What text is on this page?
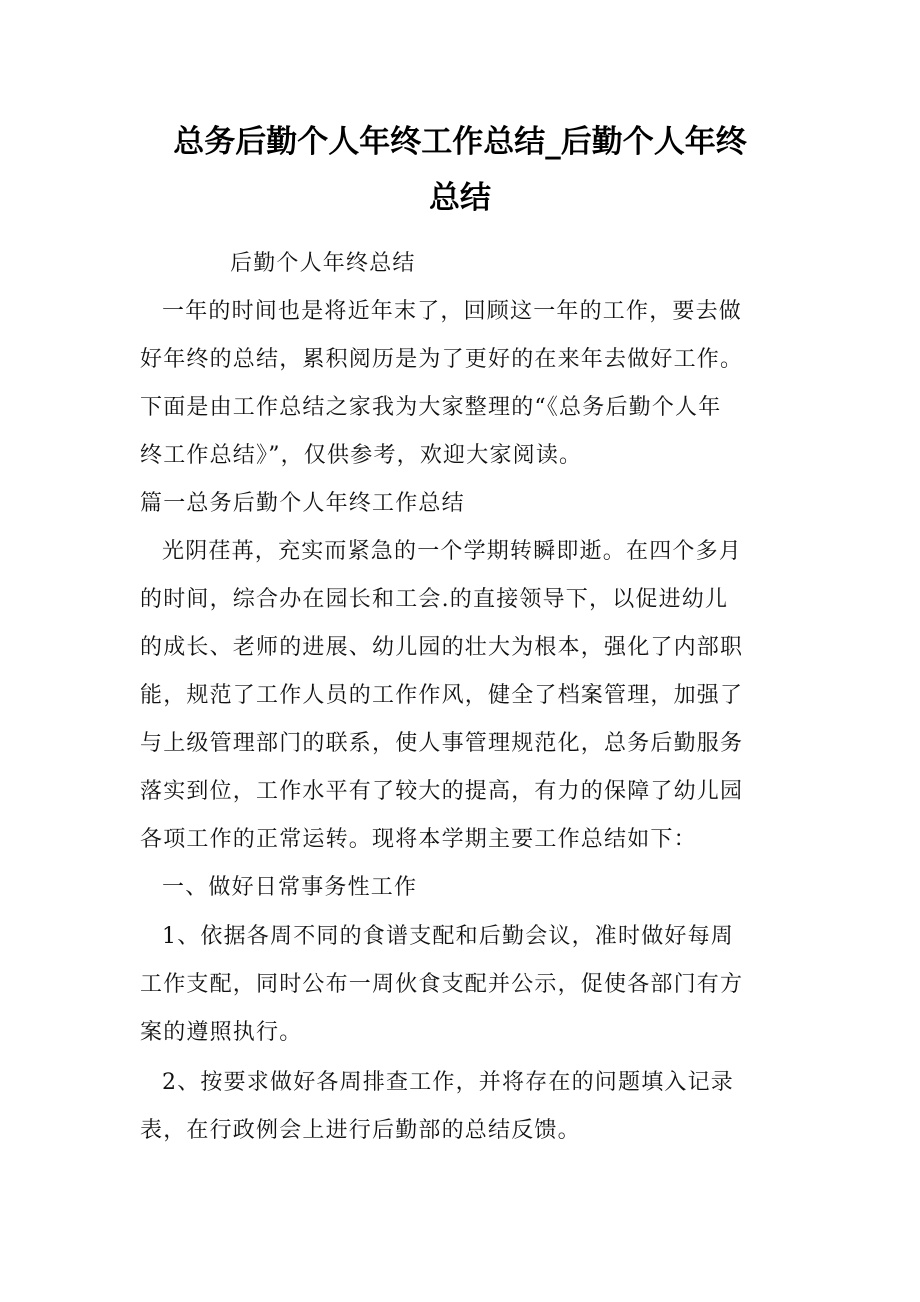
总务后勤个人年终工作总结_后勤个人年终
总结
后勤个人年终总结
一年的时间也是将近年末了，回顾这一年的工作，要去做
好年终的总结，累积阅历是为了更好的在来年去做好工作。
下面是由工作总结之家我为大家整理的“《总务后勤个人年
终工作总结》”，仅供参考，欢迎大家阅读。
篇一总务后勤个人年终工作总结
光阴荏苒，充实而紧急的一个学期转瞬即逝。在四个多月
的时间，综合办在园长和工会.的直接领导下，以促进幼儿
的成长、老师的进展、幼儿园的壮大为根本，强化了内部职
能，规范了工作人员的工作作风，健全了档案管理，加强了
与上级管理部门的联系，使人事管理规范化，总务后勤服务
落实到位，工作水平有了较大的提高，有力的保障了幼儿园
各项工作的正常运转。现将本学期主要工作总结如下：
一、做好日常事务性工作
1、依据各周不同的食谱支配和后勤会议，准时做好每周
工作支配，同时公布一周伙食支配并公示，促使各部门有方
案的遵照执行。
2、按要求做好各周排查工作，并将存在的问题填入记录
表，在行政例会上进行后勤部的总结反馈。
